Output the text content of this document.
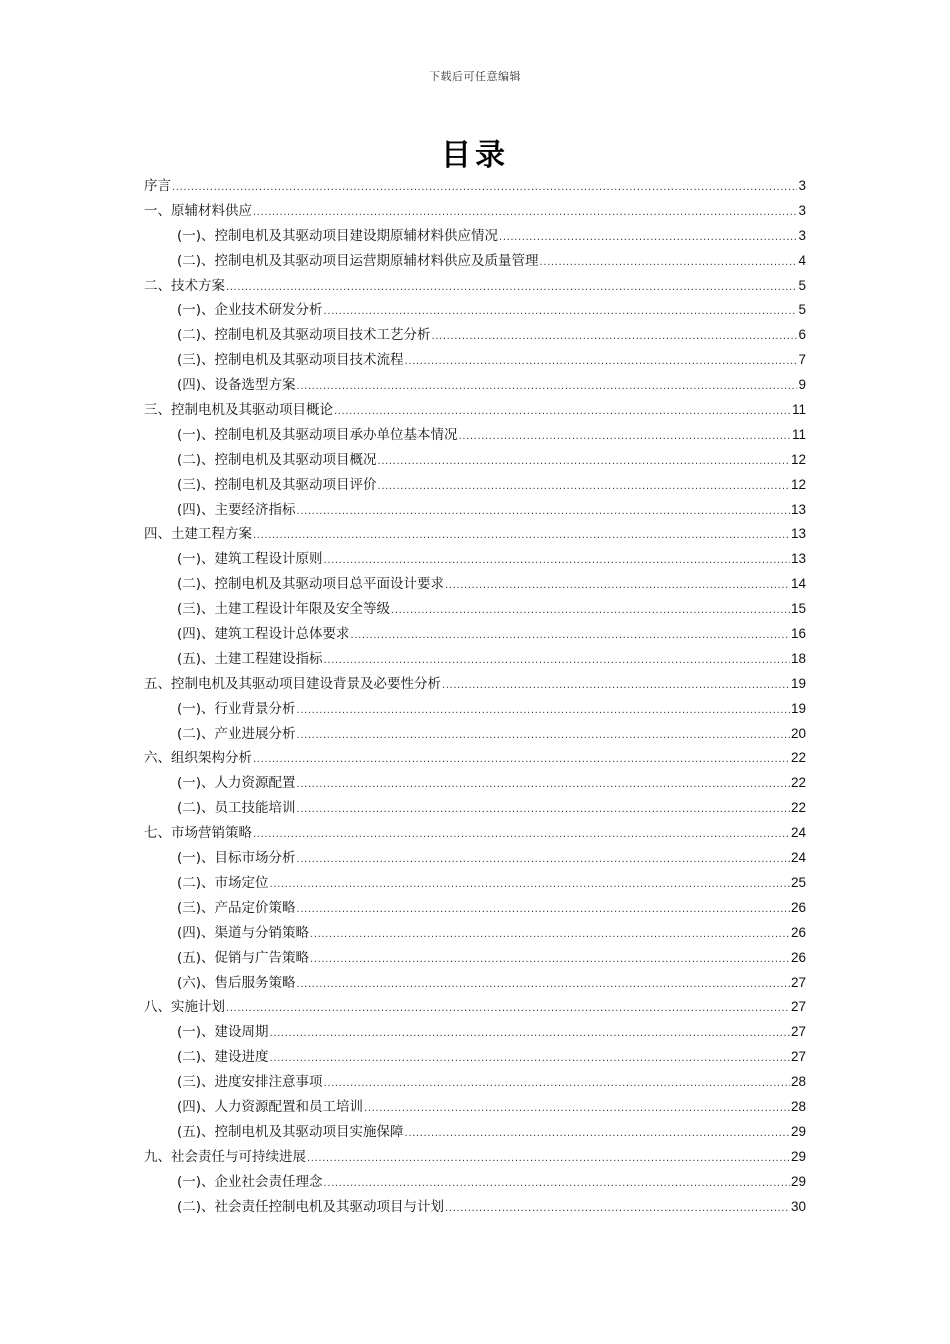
下载后可任意编辑
目录
序言 .....	3
一、原辅材料供应 .....	3
(一)、控制电机及其驱动项目建设期原辅材料供应情况 .....	3
(二)、控制电机及其驱动项目运营期原辅材料供应及质量管理 .....	4
二、技术方案 .....	5
(一)、企业技术研发分析 .....	5
(二)、控制电机及其驱动项目技术工艺分析 .....	6
(三)、控制电机及其驱动项目技术流程 .....	7
(四)、设备选型方案 .....	9
三、控制电机及其驱动项目概论 .....	11
(一)、控制电机及其驱动项目承办单位基本情况 .....	11
(二)、控制电机及其驱动项目概况 .....	12
(三)、控制电机及其驱动项目评价 .....	12
(四)、主要经济指标 .....	13
四、土建工程方案 .....	13
(一)、建筑工程设计原则 .....	13
(二)、控制电机及其驱动项目总平面设计要求 .....	14
(三)、土建工程设计年限及安全等级 .....	15
(四)、建筑工程设计总体要求 .....	16
(五)、土建工程建设指标 .....	18
五、控制电机及其驱动项目建设背景及必要性分析 .....	19
(一)、行业背景分析 .....	19
(二)、产业进展分析 .....	20
六、组织架构分析 .....	22
(一)、人力资源配置 .....	22
(二)、员工技能培训 .....	22
七、市场营销策略 .....	24
(一)、目标市场分析 .....	24
(二)、市场定位 .....	25
(三)、产品定价策略 .....	26
(四)、渠道与分销策略 .....	26
(五)、促销与广告策略 .....	26
(六)、售后服务策略 .....	27
八、实施计划 .....	27
(一)、建设周期 .....	27
(二)、建设进度 .....	27
(三)、进度安排注意事项 .....	28
(四)、人力资源配置和员工培训 .....	28
(五)、控制电机及其驱动项目实施保障 .....	29
九、社会责任与可持续进展 .....	29
(一)、企业社会责任理念 .....	29
(二)、社会责任控制电机及其驱动项目与计划 .....	30
